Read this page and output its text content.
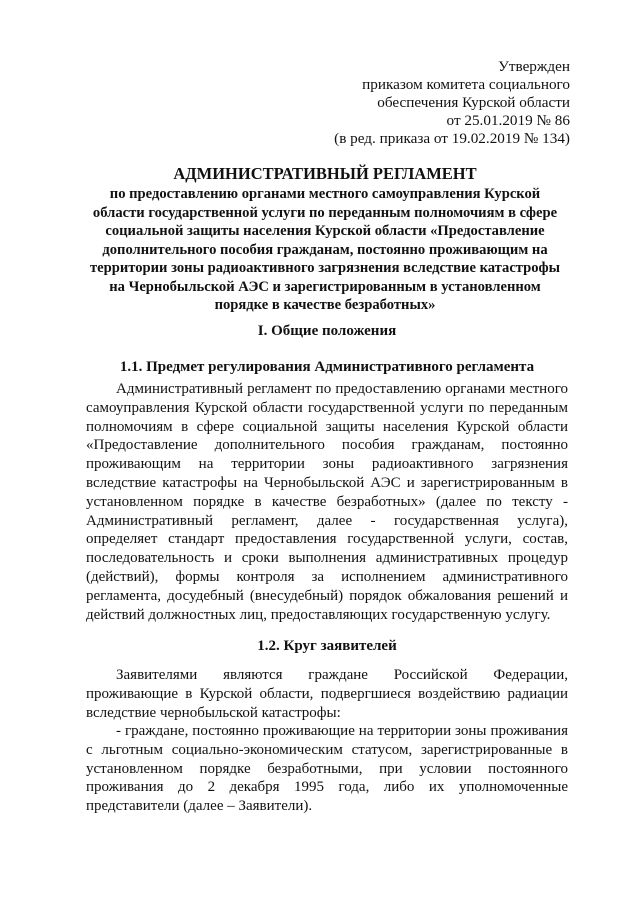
Утвержден
приказом комитета социального
обеспечения Курской области
от 25.01.2019 № 86
(в ред. приказа от 19.02.2019 № 134)
АДМИНИСТРАТИВНЫЙ РЕГЛАМЕНТ
по предоставлению органами местного самоуправления Курской
области государственной услуги по переданным полномочиям в сфере
социальной защиты населения Курской области «Предоставление
дополнительного пособия гражданам, постоянно проживающим на
территории зоны радиоактивного загрязнения вследствие катастрофы
на Чернобыльской АЭС и зарегистрированным в установленном
порядке в качестве безработных»
I. Общие положения
1.1. Предмет регулирования Административного регламента
Административный регламент по предоставлению органами местного
самоуправления Курской области государственной услуги по переданным
полномочиям в сфере социальной защиты населения Курской области
«Предоставление дополнительного пособия гражданам, постоянно
проживающим на территории зоны радиоактивного загрязнения
вследствие катастрофы на Чернобыльской АЭС и зарегистрированным в
установленном порядке в качестве безработных» (далее по тексту -
Административный регламент, далее - государственная услуга),
определяет стандарт предоставления государственной услуги, состав,
последовательность и сроки выполнения административных процедур
(действий), формы контроля за исполнением административного
регламента, досудебный (внесудебный) порядок обжалования решений и
действий должностных лиц, предоставляющих государственную услугу.
1.2. Круг заявителей
Заявителями являются граждане Российской Федерации,
проживающие в Курской области, подвергшиеся воздействию радиации
вследствие чернобыльской катастрофы:
- граждане, постоянно проживающие на территории зоны проживания
с льготным социально-экономическим статусом, зарегистрированные в
установленном порядке безработными, при условии постоянного
проживания до 2 декабря 1995 года, либо их уполномоченные
представители (далее – Заявители).
